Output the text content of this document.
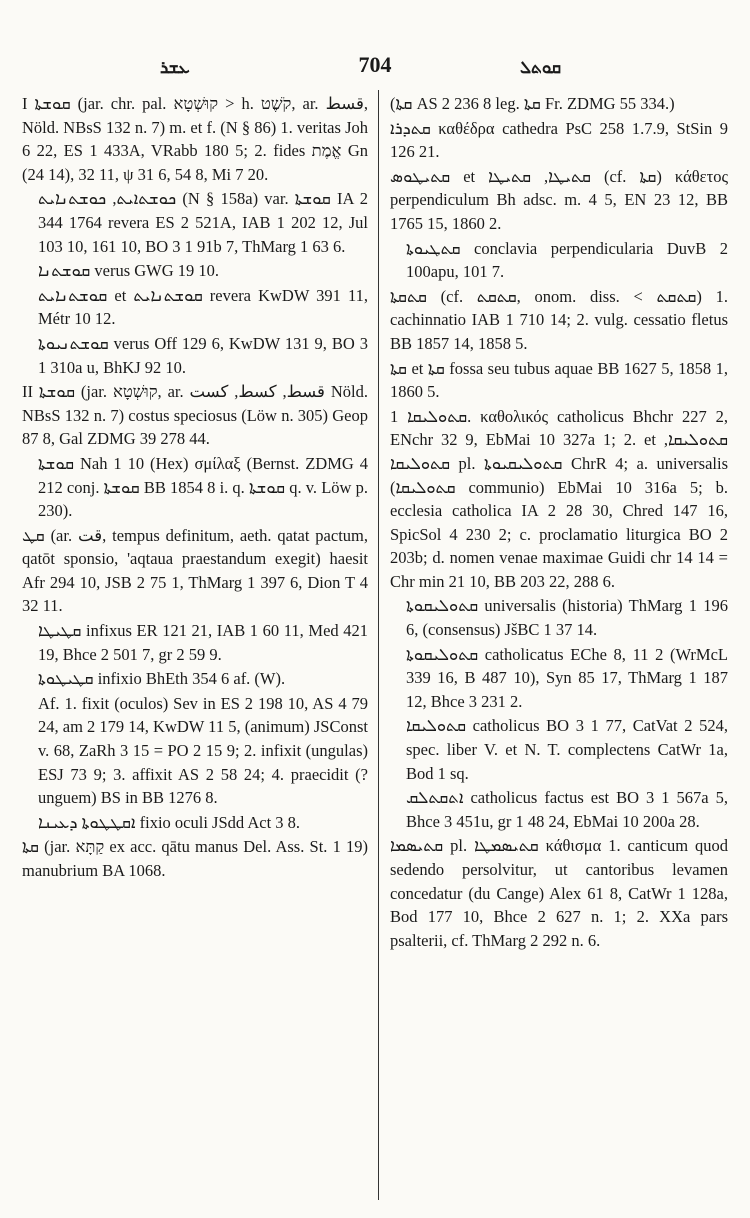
ܥܫܪ	704	ܩܘܬܠ

I ܩܘܫܬܐ (jar. chr. pal. קוּשְׁטָא > h. קֹשֶׁט, ar. قسط, Nöld. NBsS 132 n. 7) m. et f. (N § 86) 1. veritas Joh 6 22, ES 1 433A, VRabb 180 5; 2. fides אֱמֶת Gn (24 14), 32 11, ψ 31 6, 54 8, Mi 7 20.

ܟܘܫܬܐܝܬ, ܟܘܫܬܢܐܝܬ (N § 158a) var. ܩܘܫܬܐ IA 2 344 1764 revera ES 2 521A, IAB 1 202 12, Jul 103 10, 161 10, BO 3 1 91b 7, ThMarg 1 63 6.

ܩܘܫܬܢܐ verus GWG 19 10.

ܩܘܫܬܢܐܝܬ et ܩܘܫܬܢܐܝܬ revera KwDW 391 11, Métr 10 12.

ܩܘܫܬܢܝܘܬܐ verus Off 129 6, KwDW 131 9, BO 3 1 310a u, BhKJ 92 10.

II ܩܘܫܬܐ (jar. קוּשְׁטָא, ar. قسط, كسط, كست Nöld. NBsS 132 n. 7) costus speciosus (Löw n. 305) Geop 87 8, Gal ZDMG 39 278 44.

ܩܘܫܬܐ Nah 1 10 (Hex) σμίλαξ (Bernst. ZDMG 4 212 conj. ܩܘܫܬܐ BB 1854 8 i. q. ܩܘܫܬܐ q. v. Löw p. 230).

ܩܛ (ar. قت, tempus definitum, aeth. qatat pactum, qatōt sponsio, 'aqtaua praestandum exegit) haesit Afr 294 10, JSB 2 75 1, ThMarg 1 397 6, Dion T 4 32 11.

ܩܛܝܛܐ infixus ER 121 21, IAB 1 60 11, Med 421 19, Bhce 2 501 7, gr 2 59 9.

ܩܛܝܛܘܬܐ infixio BhEth 354 6 af. (W).

Af. 1. fixit (oculos) Sev in ES 2 198 10, AS 4 79 24, am 2 179 14, KwDW 11 5, (animum) JSConst v. 68, ZaRh 3 15 = PO 2 15 9; 2. infixit (ungulas) ESJ 73 9; 3. affixit AS 2 58 24; 4. praecidit (? unguem) BS in BB 1276 8.

ܐܩܛܛܘܬܐ ܕܥܝܢܐ fixio oculi JSdd Act 3 8.

ܩܬܐ (jar. קַתָּא ex acc. qātu manus Del. Ass. St. 1 19) manubrium BA 1068.

(ܩܬܐ AS 2 236 8 leg. ܩܬܐ Fr. ZDMG 55 334.)

ܩܬܕܪܐ καθέδρα cathedra PsC 258 1.7.9, StSin 9 126 21.

ܩܬܝܛܘܣ et ܩܬܝܛܐ, ܩܬܝܛܐ (cf. ܩܬܐ) κάθετος perpendiculum Bh adsc. m. 4 5, EN 23 12, BB 1765 15, 1860 2.

ܩܬܛܝܘܬܐ conclavia perpendicularia DuvB 2 100apu, 101 7.

ܩܬܩܬܐ (cf. ܩܬܩܬ, onom. diss. < ܩܬܩܬ) 1. cachinnatio IAB 1 710 14; 2. vulg. cessatio fletus BB 1857 14, 1858 5.

ܩܬܐ et ܩܬܐ fossa seu tubus aquae BB 1627 5, 1858 1, 1860 5.

ܩܬܘܠܝܩܐ 1. καθολικός catholicus Bhchr 227 2, ENchr 32 9, EbMai 10 327a 1; 2. et ܩܬܘܠܝܩܐ, ܩܬܘܠܝܩܐ pl. ܩܬܘܠܝܩܝܘܬܐ ChrR 4; a. universalis (ܩܬܘܠܝܩܐ communio) EbMai 10 316a 5; b. ecclesia catholica IA 2 28 30, Chred 147 16, SpicSol 4 230 2; c. proclamatio liturgica BO 2 203b; d. nomen venae maximae Guidi chr 14 14 = Chr min 21 10, BB 203 22, 288 6.

ܩܬܘܠܝܩܘܬܐ universalis (historia) ThMarg 1 196 6, (consensus) JšBC 1 37 14.

ܩܬܘܠܝܩܘܬܐ catholicatus EChe 8, 11 2 (WrMcL 339 16, B 487 10), Syn 85 17, ThMarg 1 187 12, Bhce 3 231 2.

ܩܬܘܠܝܩܐ catholicus BO 3 1 77, CatVat 2 524, spec. liber V. et N. T. complectens CatWr 1a, Bod 1 sq.

ܐܬܩܬܠܩ catholicus factus est BO 3 1 567a 5, Bhce 3 451u, gr 1 48 24, EbMai 10 200a 28.

ܩܬܝܣܡܐ pl. ܩܬܝܣܡܛܐ κάθισμα 1. canticum quod sedendo persolvitur, ut cantoribus levamen concedatur (du Cange) Alex 61 8, CatWr 1 128a, Bod 177 10, Bhce 2 627 n. 1; 2. XXa pars psalterii, cf. ThMarg 2 292 n. 6.
